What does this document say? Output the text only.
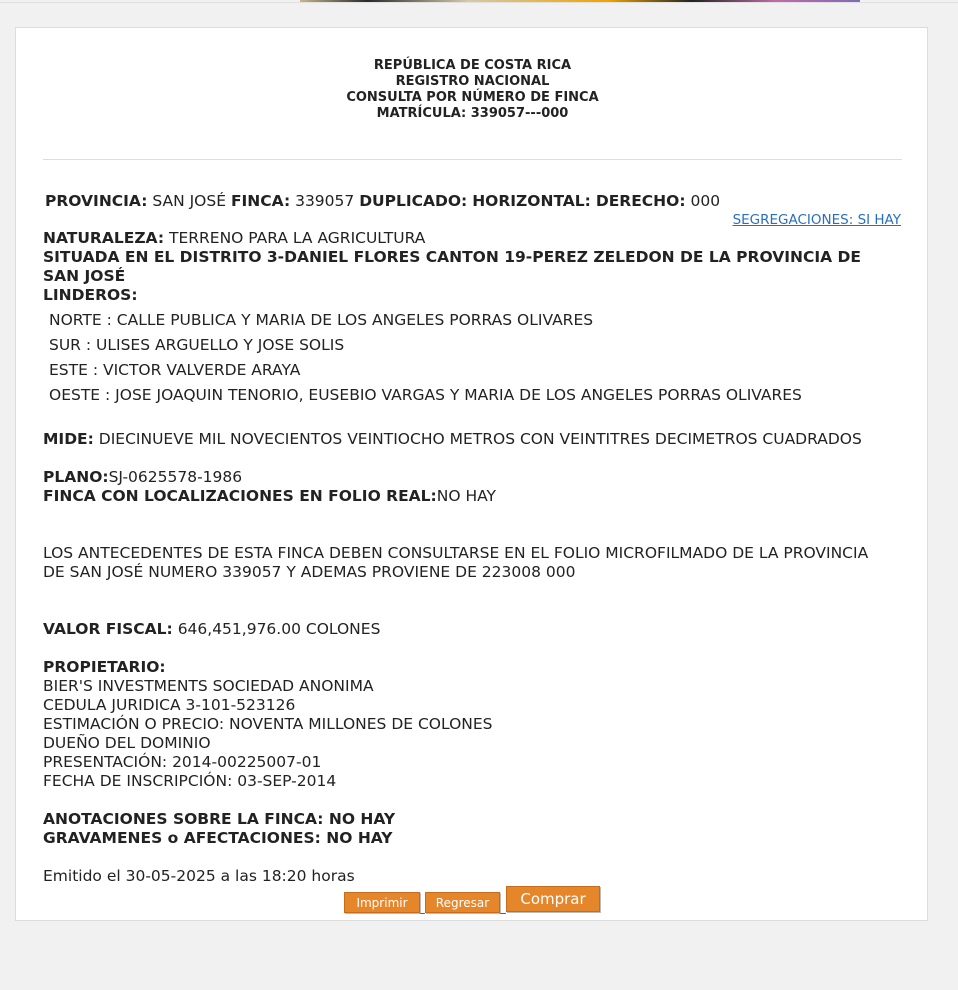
REPÚBLICA DE COSTA RICA
REGISTRO NACIONAL
CONSULTA POR NÚMERO DE FINCA
MATRÍCULA: 339057---000
SEGREGACIONES: SI HAY
PROVINCIA: SAN JOSÉ FINCA: 339057 DUPLICADO: HORIZONTAL: DERECHO: 000
NATURALEZA: TERRENO PARA LA AGRICULTURA
SITUADA EN EL DISTRITO 3-DANIEL FLORES CANTON 19-PEREZ ZELEDON DE LA PROVINCIA DE SAN JOSÉ
LINDEROS:
NORTE : CALLE PUBLICA Y MARIA DE LOS ANGELES PORRAS OLIVARES
SUR : ULISES ARGUELLO Y JOSE SOLIS
ESTE : VICTOR VALVERDE ARAYA
OESTE : JOSE JOAQUIN TENORIO, EUSEBIO VARGAS Y MARIA DE LOS ANGELES PORRAS OLIVARES
MIDE: DIECINUEVE MIL NOVECIENTOS VEINTIOCHO METROS CON VEINTITRES DECIMETROS CUADRADOS
PLANO:SJ-0625578-1986
FINCA CON LOCALIZACIONES EN FOLIO REAL:NO HAY
LOS ANTECEDENTES DE ESTA FINCA DEBEN CONSULTARSE EN EL FOLIO MICROFILMADO DE LA PROVINCIA DE SAN JOSÉ NUMERO 339057 Y ADEMAS PROVIENE DE 223008 000
VALOR FISCAL: 646,451,976.00 COLONES
PROPIETARIO:
BIER'S INVESTMENTS SOCIEDAD ANONIMA
CEDULA JURIDICA 3-101-523126
ESTIMACIÓN O PRECIO: NOVENTA MILLONES DE COLONES
DUEÑO DEL DOMINIO
PRESENTACIÓN: 2014-00225007-01
FECHA DE INSCRIPCIÓN: 03-SEP-2014
ANOTACIONES SOBRE LA FINCA: NO HAY
GRAVAMENES o AFECTACIONES: NO HAY
Emitido el 30-05-2025 a las 18:20 horas
Imprimir	Regresar	Comprar
